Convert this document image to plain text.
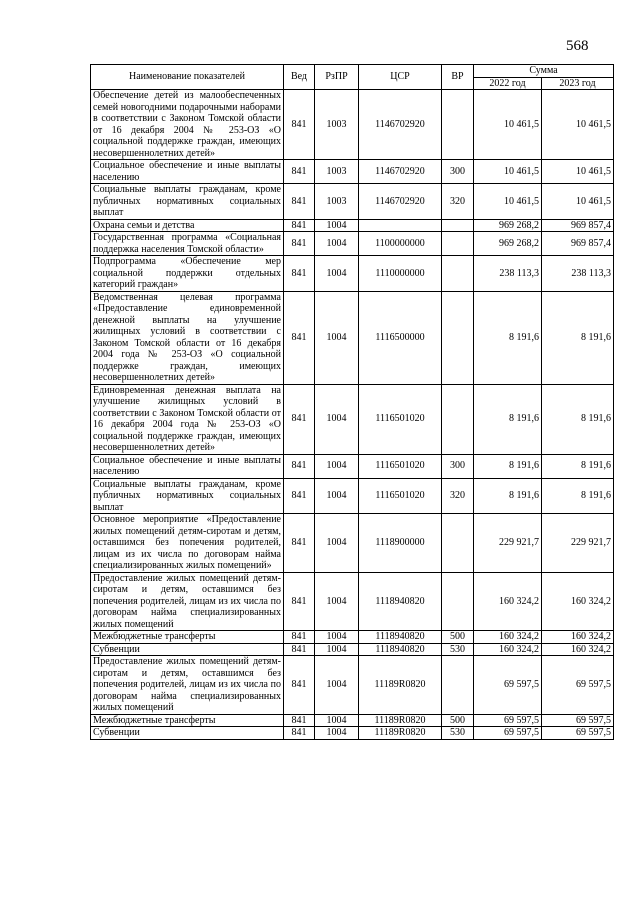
568
Наименование показателей	Вед	РзПР	ЦСР	ВР	Сумма	
					2022 год	2023 год
Обеспечение детей из малообеспеченных семей новогодними подарочными наборами в соответствии с Законом Томской области от 16 декабря 2004 № 253-ОЗ «О социальной поддержке граждан, имеющих несовершеннолетних детей»	841	1003	1146702920		10 461,5	10 461,5
Социальное обеспечение и иные выплаты населению	841	1003	1146702920	300	10 461,5	10 461,5
Социальные выплаты гражданам, кроме публичных нормативных социальных выплат	841	1003	1146702920	320	10 461,5	10 461,5
Охрана семьи и детства	841	1004			969 268,2	969 857,4
Государственная программа «Социальная поддержка населения Томской области»	841	1004	1100000000		969 268,2	969 857,4
Подпрограмма «Обеспечение мер социальной поддержки отдельных категорий граждан»	841	1004	1110000000		238 113,3	238 113,3
Ведомственная целевая программа «Предоставление единовременной денежной выплаты на улучшение жилищных условий в соответствии с Законом Томской области от 16 декабря 2004 года № 253-ОЗ «О социальной поддержке граждан, имеющих несовершеннолетних детей»	841	1004	1116500000		8 191,6	8 191,6
Единовременная денежная выплата на улучшение жилищных условий в соответствии с Законом Томской области от 16 декабря 2004 года № 253-ОЗ «О социальной поддержке граждан, имеющих несовершеннолетних детей»	841	1004	1116501020		8 191,6	8 191,6
Социальное обеспечение и иные выплаты населению	841	1004	1116501020	300	8 191,6	8 191,6
Социальные выплаты гражданам, кроме публичных нормативных социальных выплат	841	1004	1116501020	320	8 191,6	8 191,6
Основное мероприятие «Предоставление жилых помещений детям-сиротам и детям, оставшимся без попечения родителей, лицам из их числа по договорам найма специализированных жилых помещений»	841	1004	1118900000		229 921,7	229 921,7
Предоставление жилых помещений детям-сиротам и детям, оставшимся без попечения родителей, лицам из их числа по договорам найма специализированных жилых помещений	841	1004	1118940820		160 324,2	160 324,2
Межбюджетные трансферты	841	1004	1118940820	500	160 324,2	160 324,2
Субвенции	841	1004	1118940820	530	160 324,2	160 324,2
Предоставление жилых помещений детям-сиротам и детям, оставшимся без попечения родителей, лицам из их числа по договорам найма специализированных жилых помещений	841	1004	11189R0820		69 597,5	69 597,5
Межбюджетные трансферты	841	1004	11189R0820	500	69 597,5	69 597,5
Субвенции	841	1004	11189R0820	530	69 597,5	69 597,5
